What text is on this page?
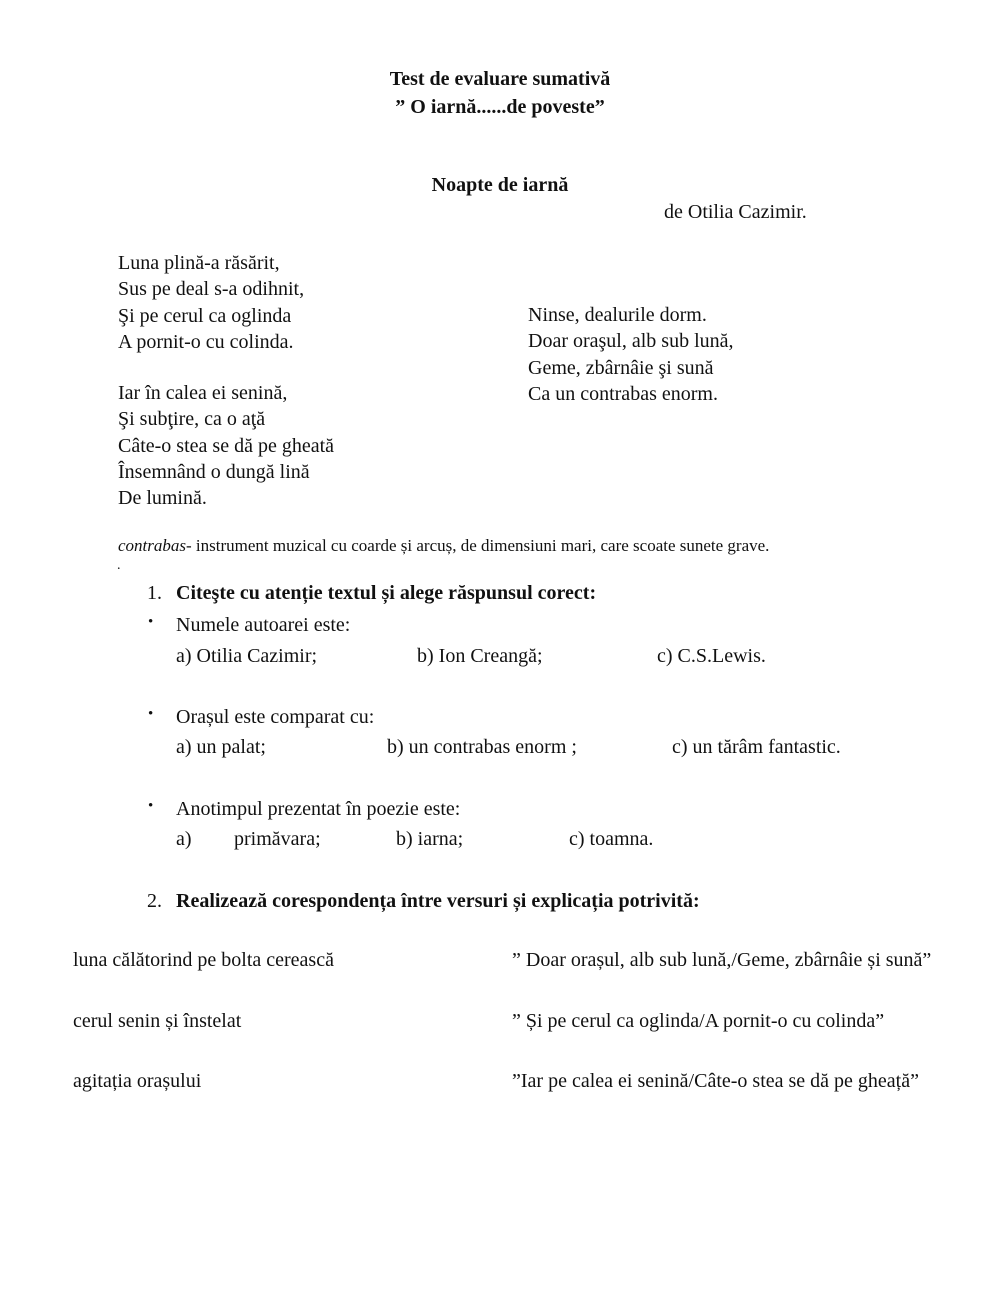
Test de evaluare sumativă
” O iarnă......de poveste”
Noapte de iarnă
de Otilia Cazimir.
Luna plină-a răsărit,
Sus pe deal s-a odihnit,
Şi pe cerul ca oglinda
A pornit-o cu colinda.
Iar în calea ei senină,
Şi subţire, ca o aţă
Câte-o stea se dă pe gheată
Însemnând o dungă lină
De lumină.
Ninse, dealurile dorm.
Doar oraşul, alb sub lună,
Geme, zbârnâie şi sună
Ca un contrabas enorm.
contrabas- instrument muzical cu coarde și arcuș, de dimensiuni mari, care scoate sunete grave.
.
1. Citeşte cu atenție textul și alege răspunsul corect:
• Numele autoarei este:
a) Otilia Cazimir;	b) Ion Creangă;	c) C.S.Lewis.
• Orașul este comparat cu:
a) un palat;	b) un contrabas enorm ;	c) un tărâm fantastic.
• Anotimpul prezentat în poezie este:
a) primăvara;	b) iarna;	c) toamna.
2. Realizează corespondența între versuri și explicația potrivită:
luna călătorind pe bolta cerească	” Doar orașul, alb sub lună,/Geme, zbârnâie și sună”
cerul senin și înstelat	” Și pe cerul ca oglinda/A pornit-o cu colinda”
agitația orașului	”Iar pe calea ei senină/Câte-o stea se dă pe gheață”
